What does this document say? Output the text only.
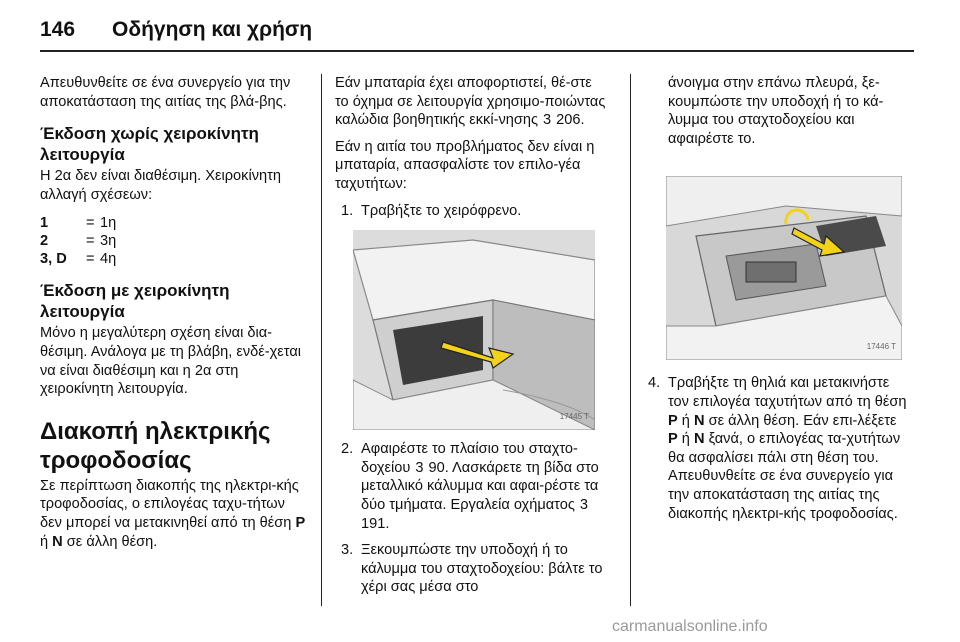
146 Οδήγηση και χρήση

Απευθυνθείτε σε ένα συνεργείο για την αποκατάσταση της αιτίας της βλά-βης.

Έκδοση χωρίς χειροκίνητη λειτουργία

Η 2α δεν είναι διαθέσιμη. Χειροκίνητη αλλαγή σχέσεων:

1	= 1η
2	= 3η
3, D	= 4η
Έκδοση με χειροκίνητη λειτουργία

Μόνο η μεγαλύτερη σχέση είναι δια-θέσιμη. Ανάλογα με τη βλάβη, ενδέ-χεται να είναι διαθέσιμη και η 2α στη χειροκίνητη λειτουργία.

Διακοπή ηλεκτρικής τροφοδοσίας

Σε περίπτωση διακοπής της ηλεκτρι-κής τροφοδοσίας, ο επιλογέας ταχυ-τήτων δεν μπορεί να μετακινηθεί από τη θέση P ή N σε άλλη θέση.

Εάν μπαταρία έχει αποφορτιστεί, θέ-στε το όχημα σε λειτουργία χρησιμο-ποιώντας καλώδια βοηθητικής εκκί-νησης 3 206.

Εάν η αιτία του προβλήματος δεν είναι η μπαταρία, απασφαλίστε τον επιλο-γέα ταχυτήτων:

1. Τραβήξτε το χειρόφρενο.
17445 T
2. Αφαιρέστε το πλαίσιο του σταχτο-δοχείου 3 90. Λασκάρετε τη βίδα στο μεταλλικό κάλυμμα και αφαι-ρέστε τα δύο τμήματα. Εργαλεία οχήματος 3 191.
3. Ξεκουμπώστε την υποδοχή ή το κάλυμμα του σταχτοδοχείου: βάλτε το χέρι σας μέσα στο

άνοιγμα στην επάνω πλευρά, ξε-κουμπώστε την υποδοχή ή το κά-λυμμα του σταχτοδοχείου και αφαιρέστε το.

17446 T
4. Τραβήξτε τη θηλιά και μετακινήστε τον επιλογέα ταχυτήτων από τη θέση P ή N σε άλλη θέση. Εάν επι-λέξετε P ή N ξανά, ο επιλογέας τα-χυτήτων θα ασφαλίσει πάλι στη θέση του. Απευθυνθείτε σε ένα συνεργείο για την αποκατάσταση της αιτίας της διακοπής ηλεκτρι-κής τροφοδοσίας.
carmanualsonline.info
